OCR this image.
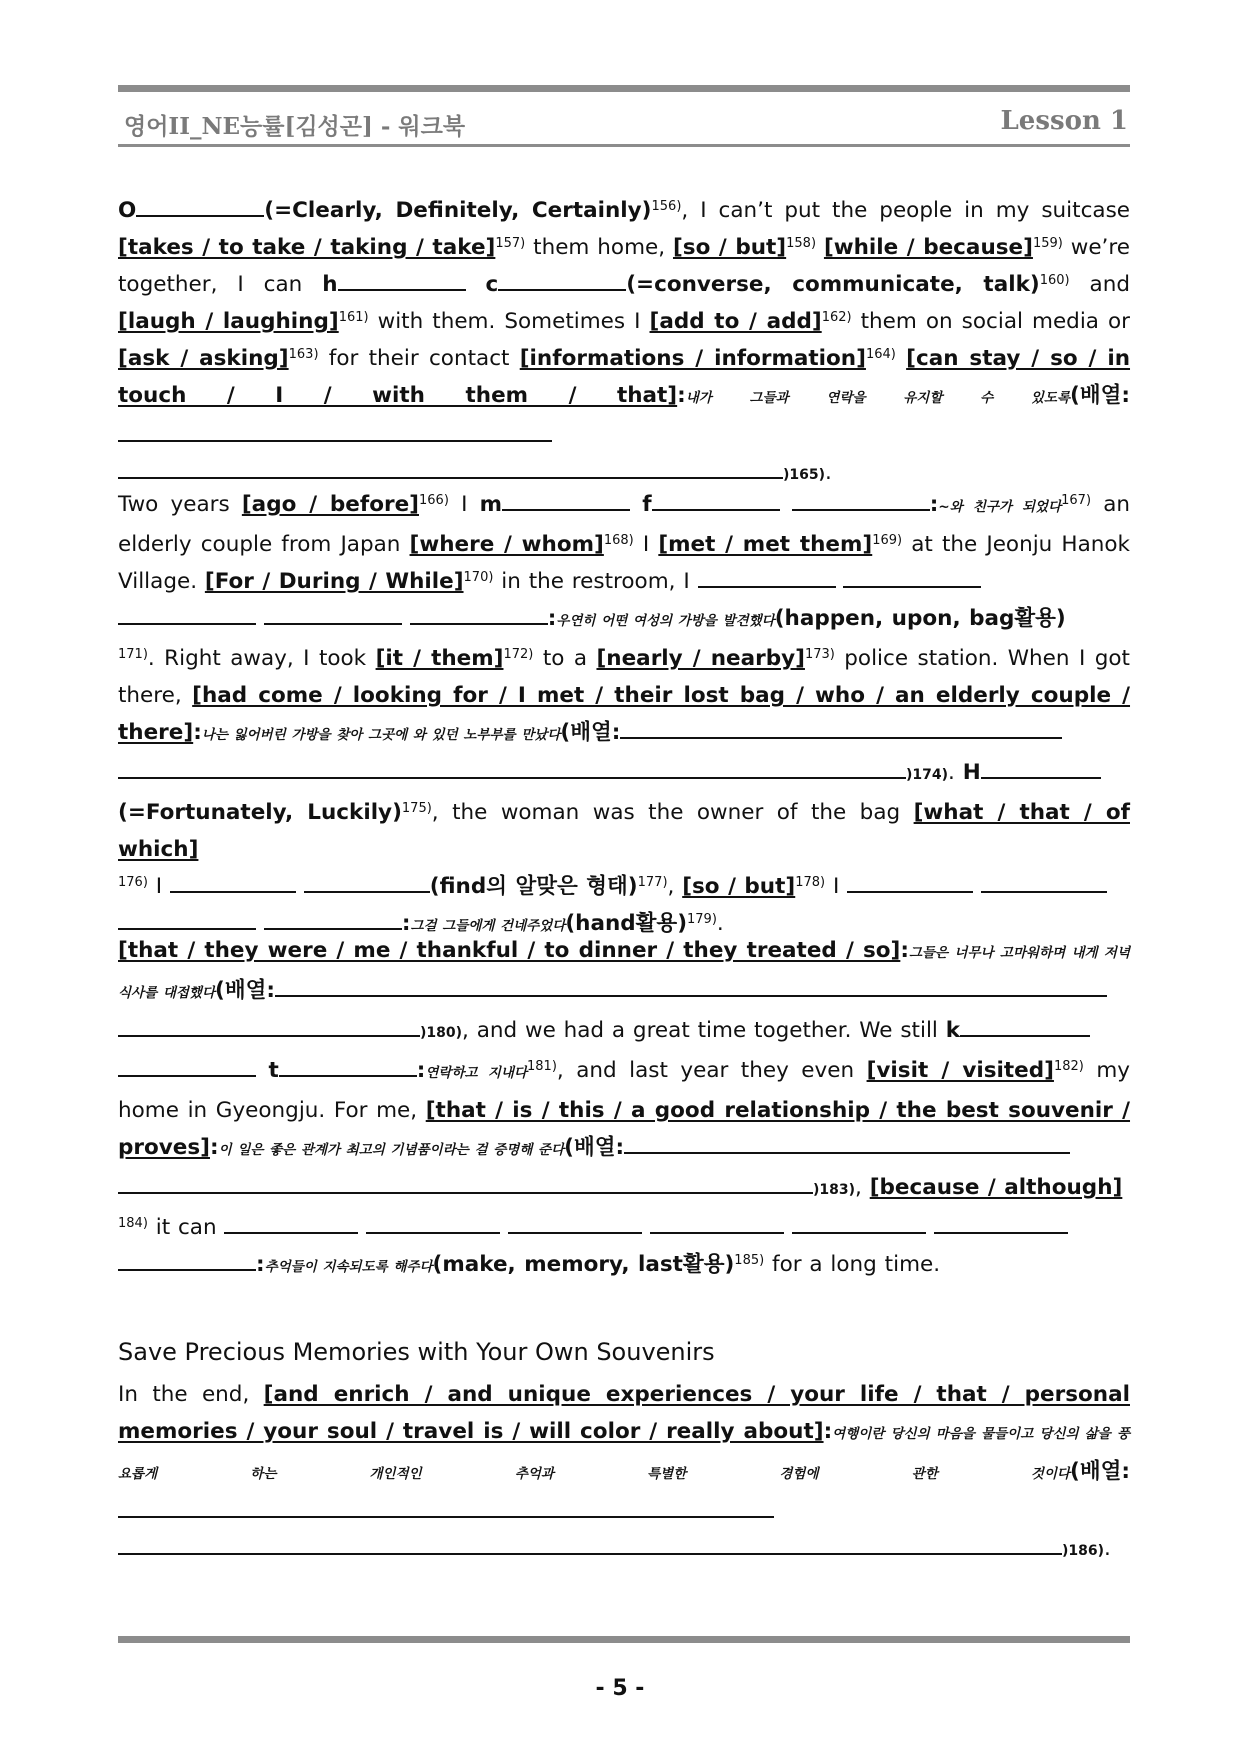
영어II_NE능률[김성곤] - 워크북	Lesson 1
O	(=Clearly, Definitely, Certainly)$^{156)}$, I can’t put the people in my suitcase [takes / to take / taking / take]$^{157)}$ them home, [so / but]$^{158)}$ [while / because]$^{159)}$ we’re together, I can h	c	(=converse, communicate, talk)$^{160)}$ and [laugh / laughing]$^{161)}$ with them. Sometimes I [add to / add]$^{162)}$ them on social media or [ask / asking]$^{163)}$ for their contact [informations / information]$^{164)}$ [can stay / so / in touch / I / with them / that]:내가 그들과 연락을 유지할 수 있도록(배열:
)165).
Two years [ago / before]$^{166)}$ I m	f	:~와 친구가 되었다$^{167)}$ an elderly couple from Japan [where / whom]$^{168)}$ I [met / met them]$^{169)}$ at the Jeonju Hanok Village. [For / During / While]$^{170)}$ in the restroom, I
:우연히 어떤 여성의 가방을 발견했다(happen, upon, bag활용)
$^{171)}$. Right away, I took [it / them]$^{172)}$ to a [nearly / nearby]$^{173)}$ police station. When I got there, [had come / looking for / I met / their lost bag / who / an elderly couple / there]:나는 잃어버린 가방을 찾아 그곳에 와 있던 노부부를 만났다(배열:
)174). H
(=Fortunately, Luckily)$^{175)}$, the woman was the owner of the bag [what / that / of which]
$^{176)}$ I	(find의 알맞은 형태)$^{177)}$, [so / but]$^{178)}$ I
:그걸 그들에게 건네주었다(hand활용)$^{179)}$.
[that / they were / me / thankful / to dinner / they treated / so]:그들은 너무나 고마워하며 내게 저녁 식사를 대접했다(배열:
)180), and we had a great time together. We still k
t	:연락하고 지내다$^{181)}$, and last year they even [visit / visited]$^{182)}$ my home in Gyeongju. For me, [that / is / this / a good relationship / the best souvenir / proves]:이 일은 좋은 관계가 최고의 기념품이라는 걸 증명해 준다(배열:
)183), [because / although]
$^{184)}$ it can
:추억들이 지속되도록 해주다(make, memory, last활용)$^{185)}$ for a long time.
Save Precious Memories with Your Own Souvenirs
In the end, [and enrich / and unique experiences / your life / that / personal memories / your soul / travel is / will color / really about]:여행이란 당신의 마음을 물들이고 당신의 삶을 풍요롭게 하는 개인적인 추억과 특별한 경험에 관한 것이다(배열:
)186).
- 5 -
